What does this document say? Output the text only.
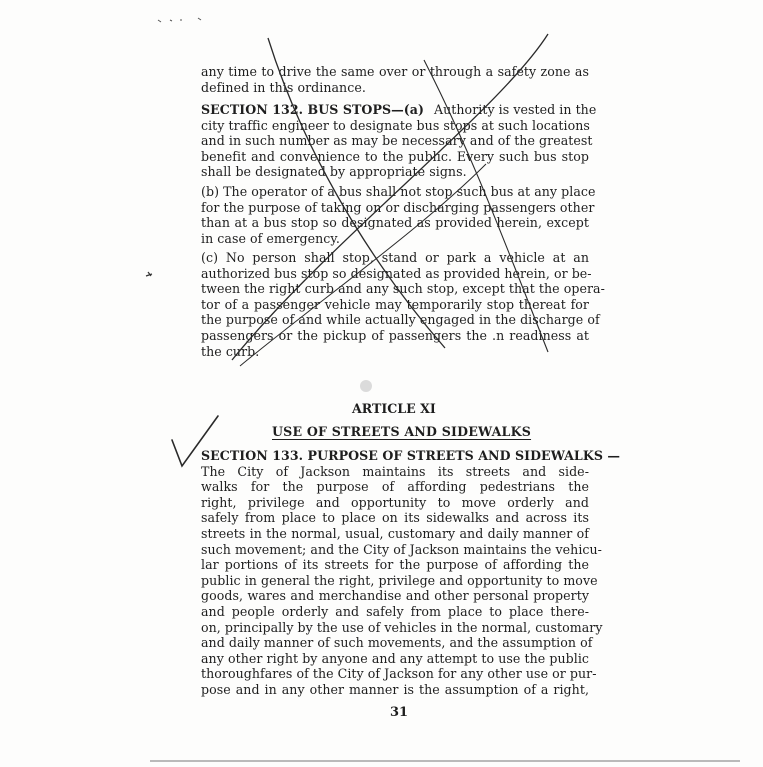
any time to drive the same over or through a safety zone as
defined in this ordinance.
SECTION 132. BUS STOPS—(a) Authority is vested in the
city traffic engineer to designate bus stops at such locations
and in such number as may be necessary and of the greatest
benefit and convenience to the public. Every such bus stop
shall be designated by appropriate signs.
(b) The operator of a bus shall not stop such bus at any place
for the purpose of taking on or discharging passengers other
than at a bus stop so designated as provided herein, except
in case of emergency.
(c) No person shall stop, stand or park a vehicle at an
authorized bus stop so designated as provided herein, or be-
tween the right curb and any such stop, except that the opera-
tor of a passenger vehicle may temporarily stop thereat for
the purpose of and while actually engaged in the discharge of
passengers or the pickup of passengers the .n readiness at
the curb.
ARTICLE XI
USE OF STREETS AND SIDEWALKS
SECTION 133. PURPOSE OF STREETS AND SIDEWALKS —
The City of Jackson maintains its streets and side-
walks for the purpose of affording pedestrians the
right, privilege and opportunity to move orderly and
safely from place to place on its sidewalks and across its
streets in the normal, usual, customary and daily manner of
such movement; and the City of Jackson maintains the vehicu-
lar portions of its streets for the purpose of affording the
public in general the right, privilege and opportunity to move
goods, wares and merchandise and other personal property
and people orderly and safely from place to place there-
on, principally by the use of vehicles in the normal, customary
and daily manner of such movements, and the assumption of
any other right by anyone and any attempt to use the public
thoroughfares of the City of Jackson for any other use or pur-
pose and in any other manner is the assumption of a right,
31
